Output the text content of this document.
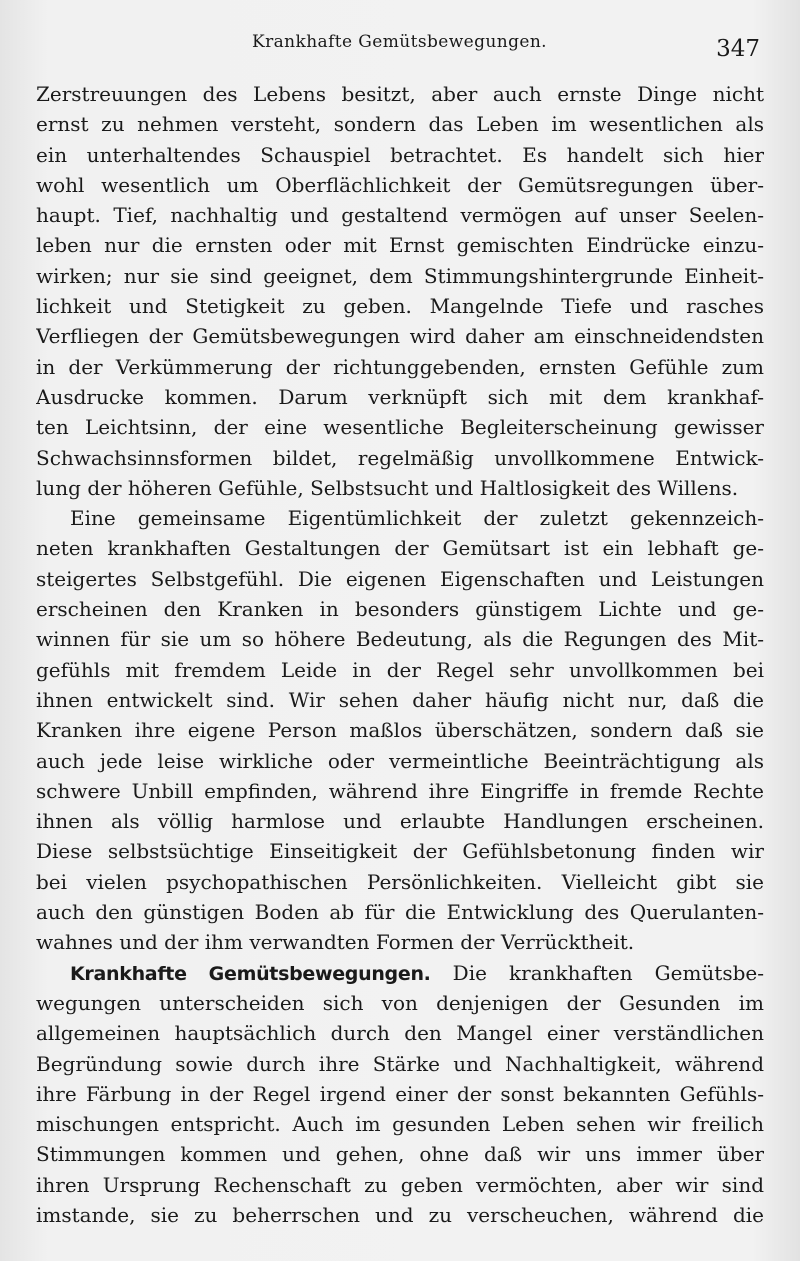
Krankhafte Gemütsbewegungen.	347
Zerstreuungen des Lebens besitzt, aber auch ernste Dinge nicht
ernst zu nehmen versteht, sondern das Leben im wesentlichen als
ein unterhaltendes Schauspiel betrachtet. Es handelt sich hier
wohl wesentlich um Oberflächlichkeit der Gemütsregungen über-
haupt. Tief, nachhaltig und gestaltend vermögen auf unser Seelen-
leben nur die ernsten oder mit Ernst gemischten Eindrücke einzu-
wirken; nur sie sind geeignet, dem Stimmungshintergrunde Einheit-
lichkeit und Stetigkeit zu geben. Mangelnde Tiefe und rasches
Verfliegen der Gemütsbewegungen wird daher am einschneidendsten
in der Verkümmerung der richtunggebenden, ernsten Gefühle zum
Ausdrucke kommen. Darum verknüpft sich mit dem krankhaf-
ten Leichtsinn, der eine wesentliche Begleiterscheinung gewisser
Schwachsinnsformen bildet, regelmäßig unvollkommene Entwick-
lung der höheren Gefühle, Selbstsucht und Haltlosigkeit des Willens.
Eine gemeinsame Eigentümlichkeit der zuletzt gekennzeich-
neten krankhaften Gestaltungen der Gemütsart ist ein lebhaft ge-
steigertes Selbstgefühl. Die eigenen Eigenschaften und Leistungen
erscheinen den Kranken in besonders günstigem Lichte und ge-
winnen für sie um so höhere Bedeutung, als die Regungen des Mit-
gefühls mit fremdem Leide in der Regel sehr unvollkommen bei
ihnen entwickelt sind. Wir sehen daher häufig nicht nur, daß die
Kranken ihre eigene Person maßlos überschätzen, sondern daß sie
auch jede leise wirkliche oder vermeintliche Beeinträchtigung als
schwere Unbill empfinden, während ihre Eingriffe in fremde Rechte
ihnen als völlig harmlose und erlaubte Handlungen erscheinen.
Diese selbstsüchtige Einseitigkeit der Gefühlsbetonung finden wir
bei vielen psychopathischen Persönlichkeiten. Vielleicht gibt sie
auch den günstigen Boden ab für die Entwicklung des Querulanten-
wahnes und der ihm verwandten Formen der Verrücktheit.
Krankhafte Gemütsbewegungen. Die krankhaften Gemütsbe-
wegungen unterscheiden sich von denjenigen der Gesunden im
allgemeinen hauptsächlich durch den Mangel einer verständlichen
Begründung sowie durch ihre Stärke und Nachhaltigkeit, während
ihre Färbung in der Regel irgend einer der sonst bekannten Gefühls-
mischungen entspricht. Auch im gesunden Leben sehen wir freilich
Stimmungen kommen und gehen, ohne daß wir uns immer über
ihren Ursprung Rechenschaft zu geben vermöchten, aber wir sind
imstande, sie zu beherrschen und zu verscheuchen, während die
